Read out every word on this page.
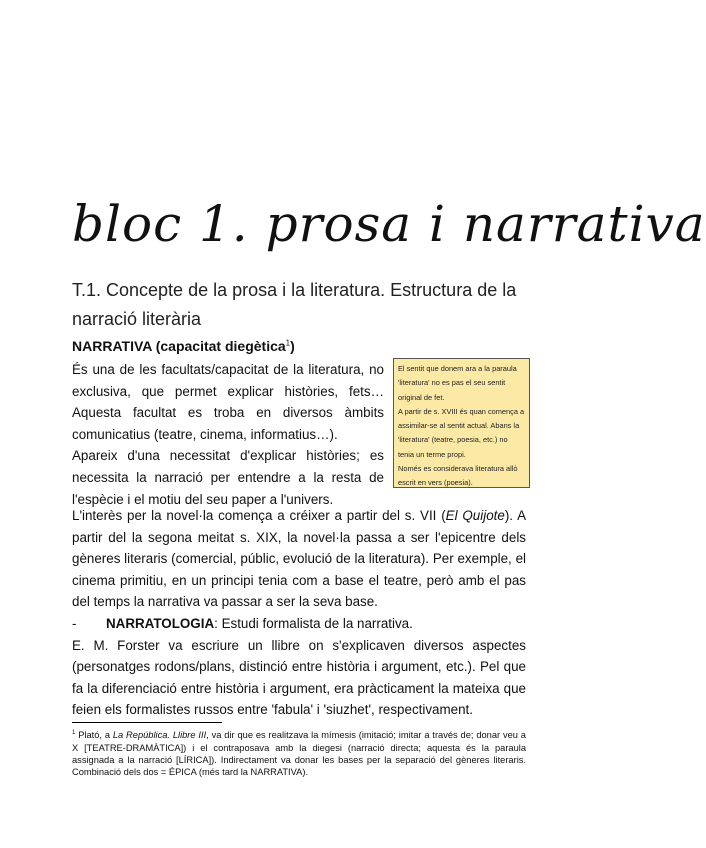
bloc 1. prosa i narrativa
T.1. Concepte de la prosa i la literatura. Estructura de la narració literària
NARRATIVA (capacitat diegètica$^1$)

És una de les facultats/capacitat de la literatura, no exclusiva, que permet explicar històries, fets… Aquesta facultat es troba en diversos àmbits comunicatius (teatre, cinema, informatius…).

Apareix d'una necessitat d'explicar històries; es necessita la narració per entendre a la resta de l'espècie i el motiu del seu paper a l'univers.

El sentit que donem ara a la paraula 'literatura' no es pas el seu sentit original de fet.
A partir de s. XVIII és quan comença a assimilar-se al sentit actual. Abans la 'literatura' (teatre, poesia, etc.) no tenia un terme propi.
Només es considerava literatura allò escrit en vers (poesia).

L'interès per la novel·la comença a créixer a partir del s. VII (El Quijote). A partir del la segona meitat s. XIX, la novel·la passa a ser l'epicentre dels gèneres literaris (comercial, públic, evolució de la literatura). Per exemple, el cinema primitiu, en un principi tenia com a base el teatre, però amb el pas del temps la narrativa va passar a ser la seva base.

- NARRATOLOGIA: Estudi formalista de la narrativa.

E. M. Forster va escriure un llibre on s'explicaven diversos aspectes (personatges rodons/plans, distinció entre història i argument, etc.). Pel que fa la diferenciació entre història i argument, era pràcticament la mateixa que feien els formalistes russos entre 'fabula' i 'siuzhet', respectivament.

$^1$ Plató, a La República. Llibre III, va dir que es realitzava la mímesis (imitació; imitar a través de; donar veu a X [TEATRE-DRAMÀTICA]) i el contraposava amb la diegesi (narració directa; aquesta és la paraula assignada a la narració [LÍRICA]). Indirectament va donar les bases per la separació del gèneres literaris. Combinació dels dos = ÉPICA (més tard la NARRATIVA).
